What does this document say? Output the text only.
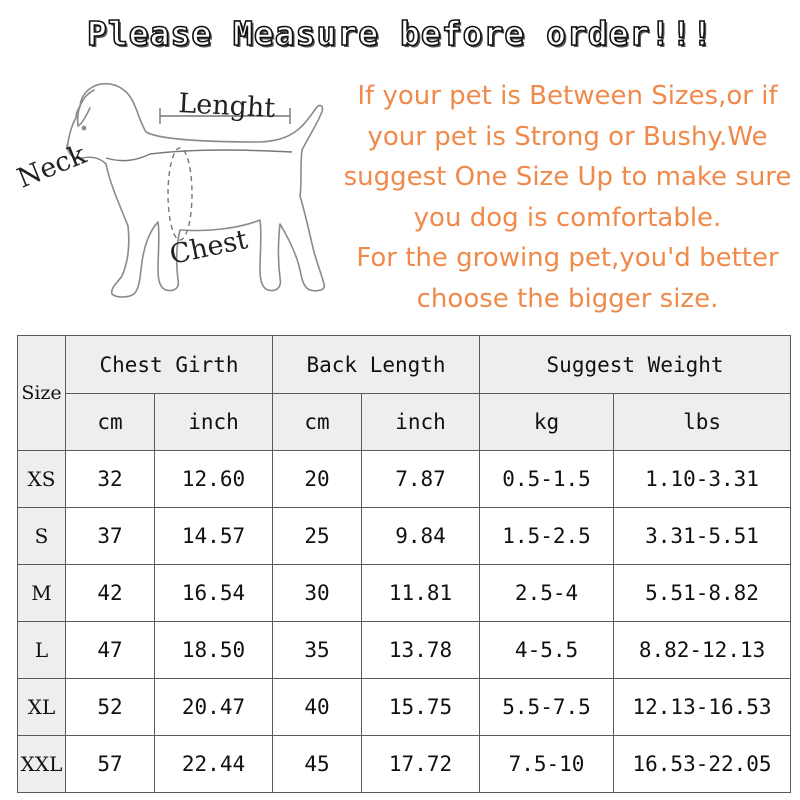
Please Measure before order!!!
Neck
Lenght
Chest
If your pet is Between Sizes,or if
your pet is Strong or Bushy.We
suggest One Size Up to make sure
you dog is comfortable.
For the growing pet,you'd better
choose the bigger size.
Size	Chest Girth		Back Length		Suggest Weight	
	cm	inch	cm	inch	kg	lbs
XS	32	12.60	20	7.87	0.5-1.5	1.10-3.31
S	37	14.57	25	9.84	1.5-2.5	3.31-5.51
M	42	16.54	30	11.81	2.5-4	5.51-8.82
L	47	18.50	35	13.78	4-5.5	8.82-12.13
XL	52	20.47	40	15.75	5.5-7.5	12.13-16.53
XXL	57	22.44	45	17.72	7.5-10	16.53-22.05
